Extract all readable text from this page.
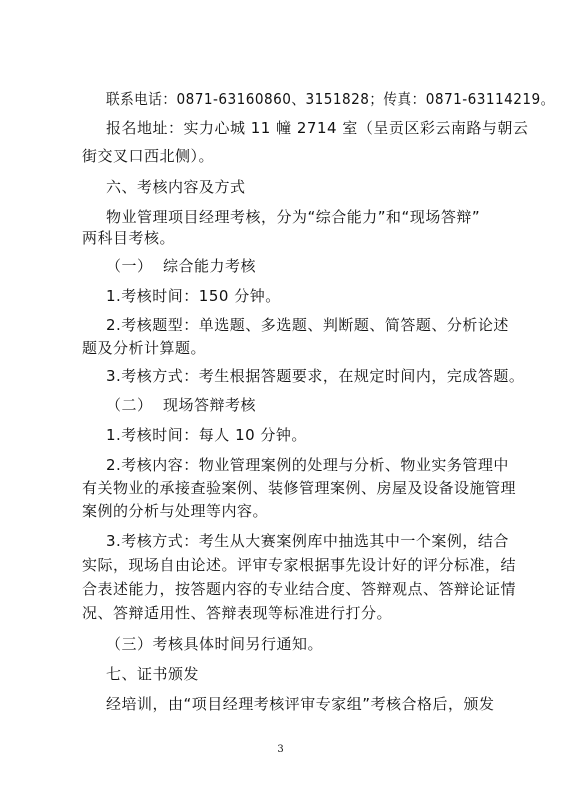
联系电话：0871-63160860、3151828；传真：0871-63114219。
报名地址：实力心城 11 幢 2714 室（呈贡区彩云南路与朝云
街交叉口西北侧）。
六、考核内容及方式
物业管理项目经理考核，分为“综合能力”和“现场答辩”
两科目考核。
（一）  综合能力考核
1.考核时间：150 分钟。
2.考核题型：单选题、多选题、判断题、简答题、分析论述
题及分析计算题。
3.考核方式：考生根据答题要求，在规定时间内，完成答题。
（二）  现场答辩考核
1.考核时间：每人 10 分钟。
2.考核内容：物业管理案例的处理与分析、物业实务管理中
有关物业的承接查验案例、装修管理案例、房屋及设备设施管理
案例的分析与处理等内容。
3.考核方式：考生从大赛案例库中抽选其中一个案例，结合
实际，现场自由论述。评审专家根据事先设计好的评分标准，结
合表述能力，按答题内容的专业结合度、答辩观点、答辩论证情
况、答辩适用性、答辩表现等标准进行打分。
（三）考核具体时间另行通知。
七、证书颁发
经培训，由“项目经理考核评审专家组”考核合格后，颁发
3
